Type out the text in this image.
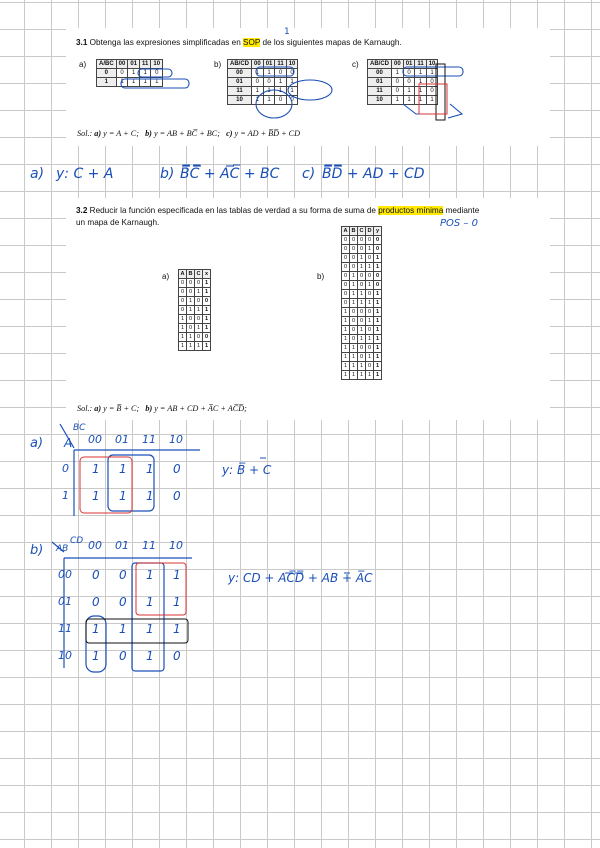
3.1 Obtenga las expresiones simplificadas en SOP de los siguientes mapas de Karnaugh.
1
a) A/BC	00	01	11	10
0	0	1	1	0
1	1	1	1	1
b) AB/CD	00	01	11	10
00	1	1	0	0
01	0	0	1	1
11	1	1	1	1
10	1	1	0	0
c) AB/CD	00	01	11	10
00	1	0	1	1
01	0	0	1	0
11	0	1	1	0
10	1	1	1	1
Sol.: a) y = A + C; b) y = AB + BC̅ + BC; c) y = AD + B̅D̅ + CD
a) y: C + A	b) B̅C̅ + AC̅ + BC c) B̅D̅ + AD + CD
3.2 Reducir la función especificada en las tablas de verdad a su forma de suma de productos mínima mediante
un mapa de Karnaugh.	POS – 0
a) A	B	C	x
0	0	0	1
0	0	1	1
0	1	0	0
0	1	1	1
1	0	0	1
1	0	1	1
1	1	0	0
1	1	1	1
b)
A	B	C	D	y
0	0	0	0	0
0	0	0	1	0
0	0	1	0	1
0	0	1	1	1
0	1	0	0	0
0	1	0	1	0
0	1	1	0	1
0	1	1	1	1
1	0	0	0	1
1	0	0	1	1
1	0	1	0	1
1	0	1	1	1
1	1	0	0	1
1	1	0	1	1
1	1	1	0	1
1	1	1	1	1
Sol.: a) y = B̅ + C; b) y = AB + CD + A̅C + AC̅D̅;
a) A
BC
00 01 11 10
0 1 1 1 0
1 1 1 1 0
y: B̅ + C
b) AB
CD 00 01 11 10
00 0 0 1 1
01 0 0 1 1
11 1 1 1 1
10 1 0 1 0
y: CD + AC̅D̅ + AB + A̅C
